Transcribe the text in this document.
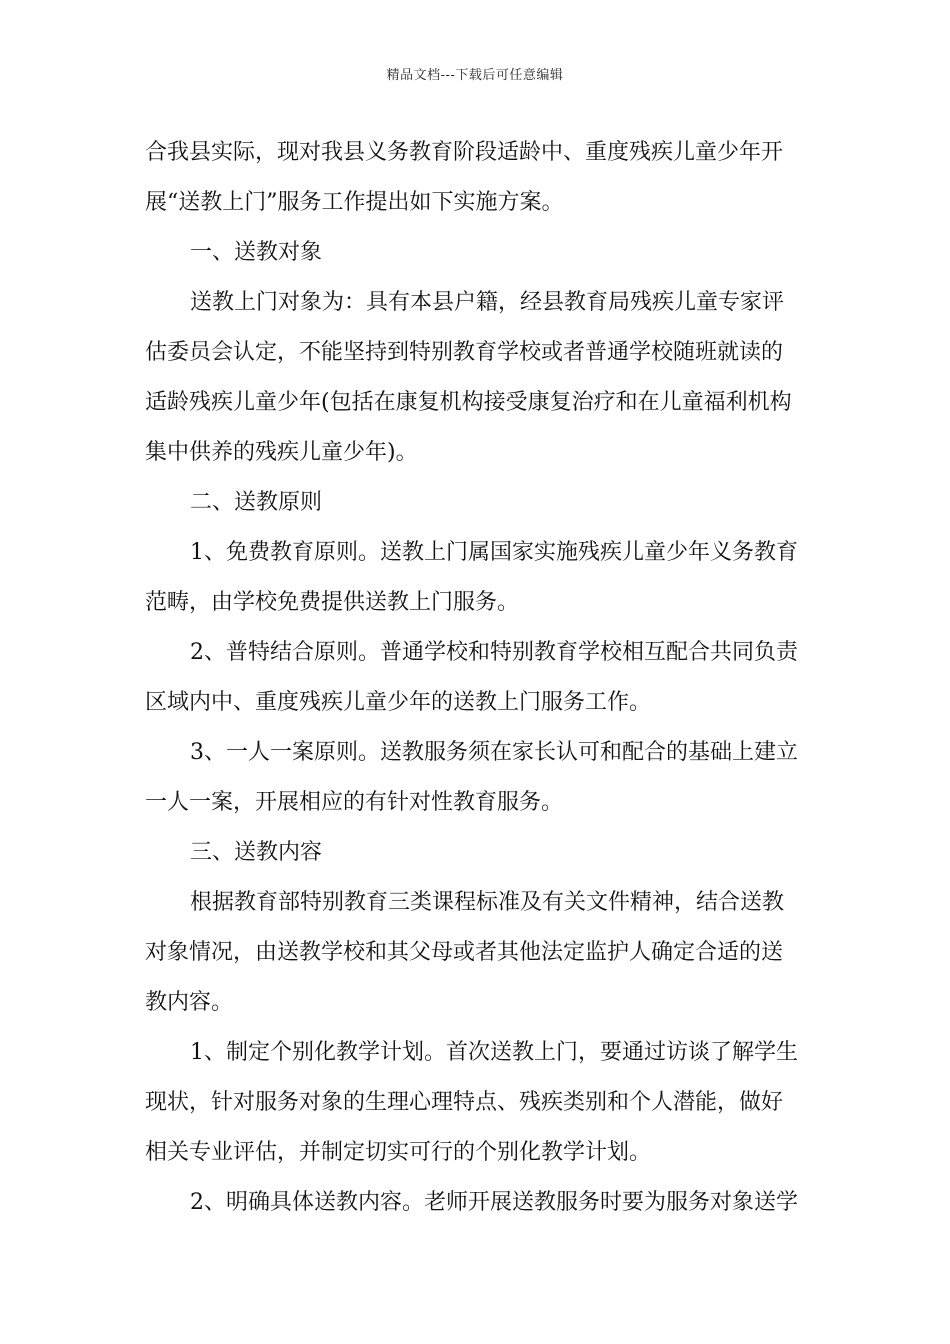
精品文档---下载后可任意编辑
合我县实际，现对我县义务教育阶段适龄中、重度残疾儿童少年开
展“送教上门”服务工作提出如下实施方案。
一、送教对象
送教上门对象为：具有本县户籍，经县教育局残疾儿童专家评
估委员会认定，不能坚持到特别教育学校或者普通学校随班就读的
适龄残疾儿童少年(包括在康复机构接受康复治疗和在儿童福利机构
集中供养的残疾儿童少年)。
二、送教原则
1、免费教育原则。送教上门属国家实施残疾儿童少年义务教育
范畴，由学校免费提供送教上门服务。
2、普特结合原则。普通学校和特别教育学校相互配合共同负责
区域内中、重度残疾儿童少年的送教上门服务工作。
3、一人一案原则。送教服务须在家长认可和配合的基础上建立
一人一案，开展相应的有针对性教育服务。
三、送教内容
根据教育部特别教育三类课程标准及有关文件精神，结合送教
对象情况，由送教学校和其父母或者其他法定监护人确定合适的送
教内容。
1、制定个别化教学计划。首次送教上门，要通过访谈了解学生
现状，针对服务对象的生理心理特点、残疾类别和个人潜能，做好
相关专业评估，并制定切实可行的个别化教学计划。
2、明确具体送教内容。老师开展送教服务时要为服务对象送学
